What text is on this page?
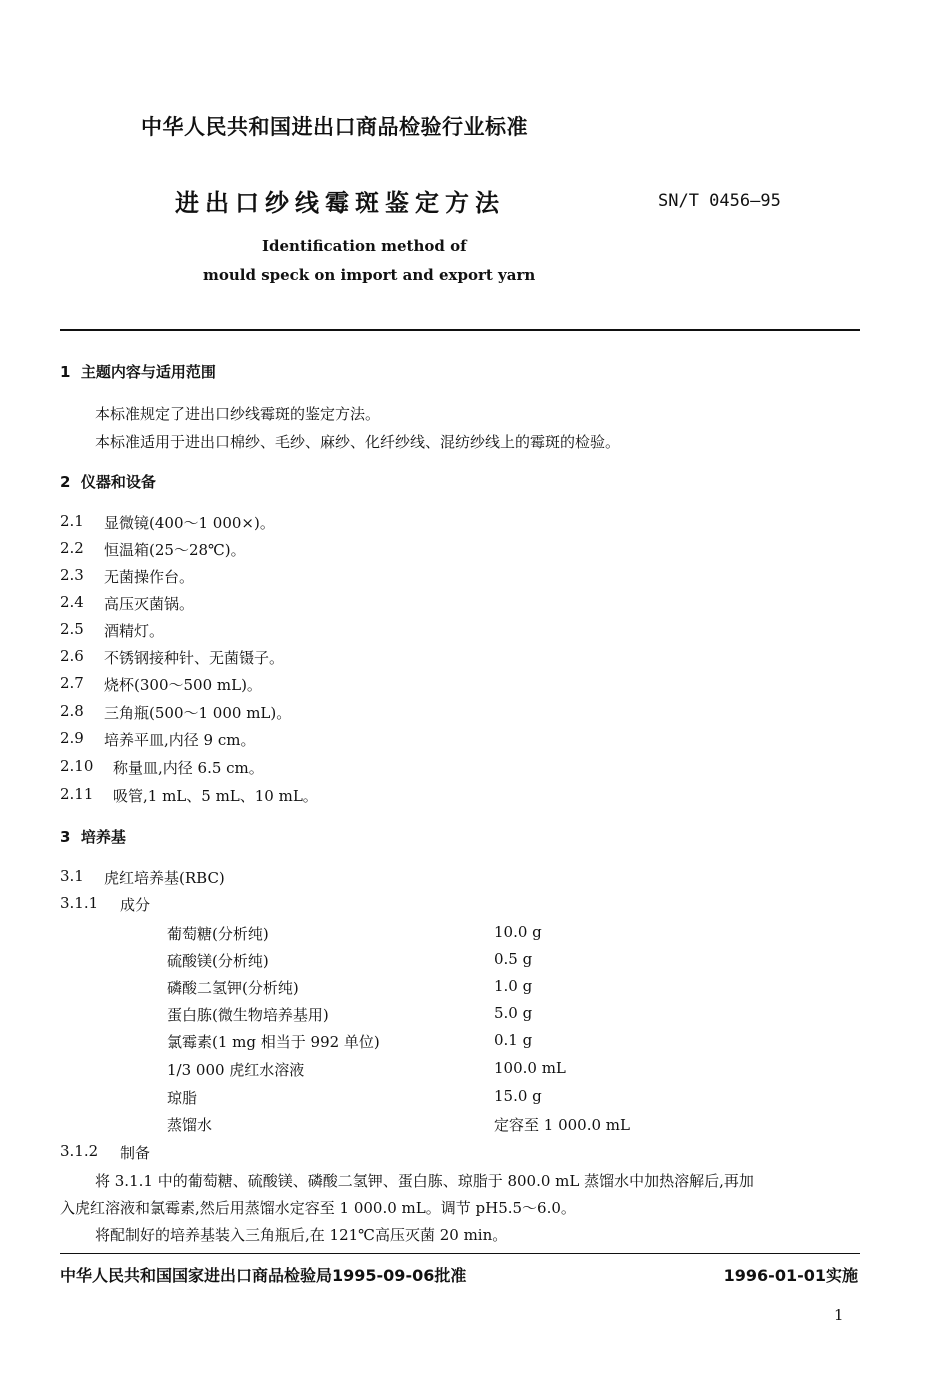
中华人民共和国进出口商品检验行业标准
进出口纱线霉斑鉴定方法	SN/T 0456—95
Identification method of
mould speck on import and export yarn
1  主题内容与适用范围
本标准规定了进出口纱线霉斑的鉴定方法。
本标准适用于进出口棉纱、毛纱、麻纱、化纤纱线、混纺纱线上的霉斑的检验。
2  仪器和设备
2.1 显微镜(400～1 000×)。
2.2 恒温箱(25～28℃)。
2.3 无菌操作台。
2.4 高压灭菌锅。
2.5 酒精灯。
2.6 不锈钢接种针、无菌镊子。
2.7 烧杯(300～500 mL)。
2.8 三角瓶(500～1 000 mL)。
2.9 培养平皿,内径 9 cm。
2.10 称量皿,内径 6.5 cm。
2.11 吸管,1 mL、5 mL、10 mL。
3  培养基
3.1 虎红培养基(RBC)
3.1.1 成分
葡萄糖(分析纯)	10.0 g
硫酸镁(分析纯)	0.5 g
磷酸二氢钾(分析纯)	1.0 g
蛋白胨(微生物培养基用)	5.0 g
氯霉素(1 mg 相当于 992 单位)	0.1 g
1/3 000 虎红水溶液	100.0 mL
琼脂	15.0 g
蒸馏水	定容至 1 000.0 mL
3.1.2 制备
将 3.1.1 中的葡萄糖、硫酸镁、磷酸二氢钾、蛋白胨、琼脂于 800.0 mL 蒸馏水中加热溶解后,再加
入虎红溶液和氯霉素,然后用蒸馏水定容至 1 000.0 mL。调节 pH5.5～6.0。
将配制好的培养基装入三角瓶后,在 121℃高压灭菌 20 min。
中华人民共和国国家进出口商品检验局1995-09-06批准	1996-01-01实施
1
